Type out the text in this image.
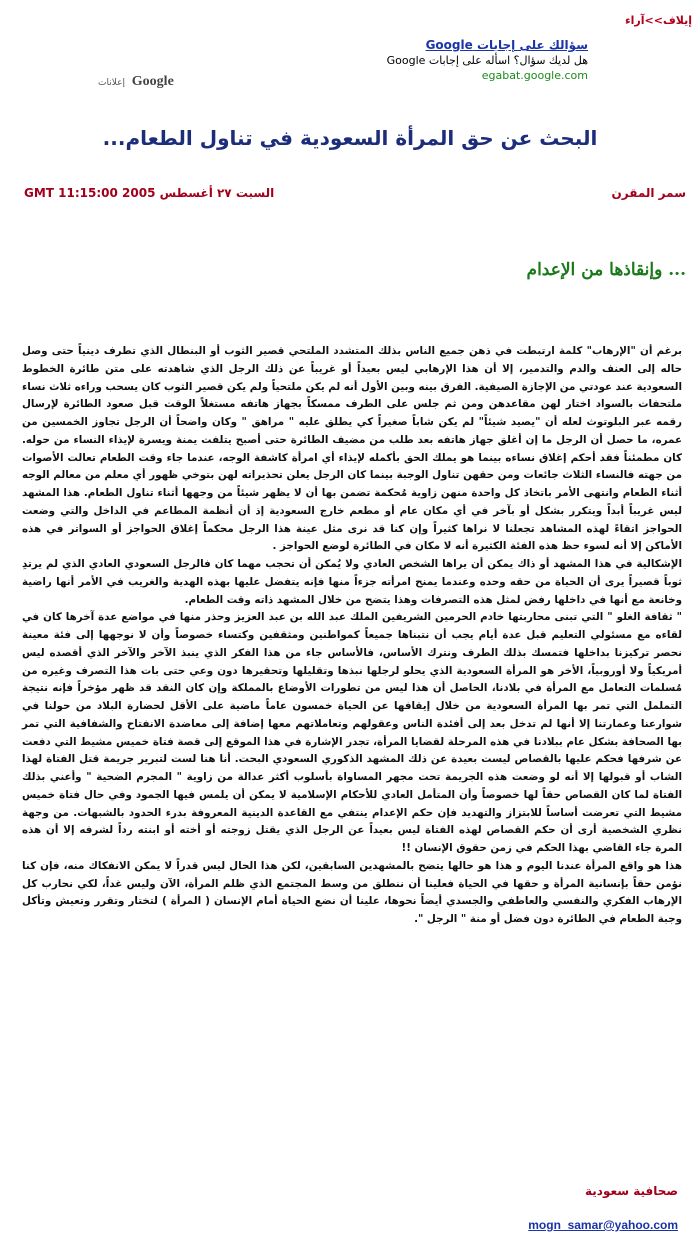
إيلاف>>آراء
سؤالك على إجابات Google
هل لديك سؤال؟ اسأله على إجابات Google
egabat.google.com
Google إعلانات
البحث عن حق المرأة السعودية في تناول الطعام...
سمر المقرن
السبت ٢٧ أغسطس 2005 GMT 11:15:00
... وإنقاذها من الإعدام

برغم أن "الإرهاب" كلمة ارتبطت في ذهن جميع الناس بذلك المتشدد الملتحي قصير الثوب أو البنطال الذي تطرف دينياً حتى وصل حاله إلى العنف والدم والتدمير، إلا أن هذا الإرهابي ليس بعيداً أو غريباً عن ذلك الرجل الذي شاهدته على متن طائرة الخطوط السعودية عند عودتي من الإجازة الصيفية. الفرق بينه وبين الأول أنه لم يكن ملتحياً ولم يكن قصير الثوب كان يسحب وراءه ثلاث نساء ملتحفات بالسواد اختار لهن مقاعدهن ومن ثم جلس على الطرف ممسكاً بجهاز هاتفه مستغلاً الوقت قبل صعود الطائرة لإرسال رقمه عبر البلوتوث لعله أن "يصيد شيئاً" لم يكن شاباً صغيراً كي يطلق عليه " مراهق " وكان واضحاً أن الرجل تجاوز الخمسين من عمره، ما حصل أن الرجل ما إن أغلق جهاز هاتفه بعد طلب من مضيف الطائرة حتى أصبح يتلفت يمنة ويسرة لإيذاء النساء من حوله. كان مطمئناً فقد أحكم إغلاق نساءه بينما هو يملك الحق بأكمله لإيذاء أي امرأة كاشفة الوجه، عندما جاء وقت الطعام تعالت الأصوات من جهته فالنساء الثلاث جائعات ومن حقهن تناول الوجبة بينما كان الرجل يعلن تحذيراته لهن بتوخي ظهور أي معلم من معالم الوجه أثناء الطعام وانتهى الأمر باتخاذ كل واحدة منهن زاوية مُحكمة تضمن بها أن لا يظهر شيئاً من وجهها أثناء تناول الطعام. هذا المشهد ليس غريباً أبداً ويتكرر بشكل أو بآخر في أي مكان عام أو مطعم خارج السعودية إذ أن أنظمة المطاعم في الداخل والتي وضعت الحواجز اتقاءً لهذه المشاهد تجعلنا لا نراها كثيراً وإن كنا قد نرى مثل عينة هذا الرجل محكماً إغلاق الحواجز أو السواتر في هذه الأماكن إلا أنه لسوء حظ هذه الفئة الكثيرة أنه لا مكان في الطائرة لوضع الحواجز .

الإشكالية في هذا المشهد أو ذاك يمكن أن يراها الشخص العادي ولا يُمكن أن تحجب مهما كان فالرجل السعودي العادي الذي لم يرتدِ ثوباً قصيراً يرى أن الحياة من حقه وحده وعندما يمنح امرأته جزءاً منها فإنه يتفضل عليها بهذه الهدية والغريب في الأمر أنها راضية وخانعة مع أنها في داخلها رفض لمثل هذه التصرفات وهذا يتضح من خلال المشهد ذاته وقت الطعام.

" ثقافة الغلو " التي تبنى محاربتها خادم الحرمين الشريفين الملك عبد الله بن عبد العزيز وحذر منها في مواضع عدة آخرها كان في لقاءه مع مسئولي التعليم قبل عدة أيام يجب أن نتبناها جميعاً كمواطنين ومثقفين وكتساء خصوصاً وأن لا نوجهها إلى فئة معينة نحصر تركيزنا بداخلها فتمسك بذلك الطرف ونترك الأساس، فالأساس جاء من هذا الفكر الذي ينبذ الآخر والآخر الذي أقصده ليس أمريكياً ولا أوروبياً، الأخر هو المرأة السعودية الذي يحلو لرجلها نبذها وتقليلها وتحقيرها دون وعي حتى بات هذا التصرف وغيره من مُسلمات التعامل مع المرأة في بلادنا، الحاصل أن هذا ليس من تطورات الأوضاع بالمملكة وإن كان النقد قد ظهر مؤخراً فإنه نتيجة التململ التي تمر بها المرأة السعودية من خلال إيقافها عن الحياة خمسون عاماً ماضية على الأقل لحضارة البلاد من حولنا في شوارعنا وعمارتنا إلا أنها لم تدخل بعد إلى أفئدة الناس وعقولهم وتعاملاتهم معها إضافة إلى معاضدة الانفتاح والشفافية التي تمر بها الصحافة بشكل عام ببلادنا في هذه المرحلة لقضايا المرأة، تجدر الإشارة في هذا الموقع إلى قصة فتاة خميس مشيط التي دفعت عن شرفها فحكم عليها بالقصاص ليست بعيدة عن ذلك المشهد الذكوري السعودي البحت. أنا هنا لست لتبرير جريمة قتل الفتاة لهذا الشاب أو قبولها إلا أنه لو وضعت هذه الجريمة تحت مجهر المساواة بأسلوب أكثر عدالة من زاوية " المجرم الضحية " وأعني بذلك الفتاة لما كان القصاص حقاً لها خصوصاً وأن المتأمل العادي للأحكام الإسلامية لا يمكن أن يلمس فيها الجمود وفي حال فتاة خميس مشيط التي تعرضت أساساً للابتزاز والتهديد فإن حكم الإعدام ينتفي مع القاعدة الدينية المعروفة بدرء الحدود بالشبهات. من وجهة نظري الشخصية أرى أن حكم القصاص لهذه الفتاة ليس بعيداً عن الرجل الذي يقتل زوجته أو أخته أو ابنته رداً لشرفه إلا أن هذه المرة جاء القاضي بهذا الحكم في زمن حقوق الإنسان !!

هذا هو واقع المرأة عندنا اليوم و هذا هو حالها يتضح بالمشهدين السابقين، لكن هذا الحال ليس قدراً لا يمكن الانفكاك منه، فإن كنا نؤمن حقاً بإنسانية المرأة و حقها في الحياة فعلينا أن ننطلق من وسط المجتمع الذي ظلم المرأة، الآن وليس غداً، لكي نحارب كل الإرهاب الفكري والنفسي والعاطفي والجسدي أيضاً نحوها، علينا أن نضع الحياة أمام الإنسان ( المرأة ) لتختار وتقرر وتعيش وتأكل وجبة الطعام في الطائرة دون فضل أو منة " الرجل ".

صحافية سعودية
mogn_samar@yahoo.com
